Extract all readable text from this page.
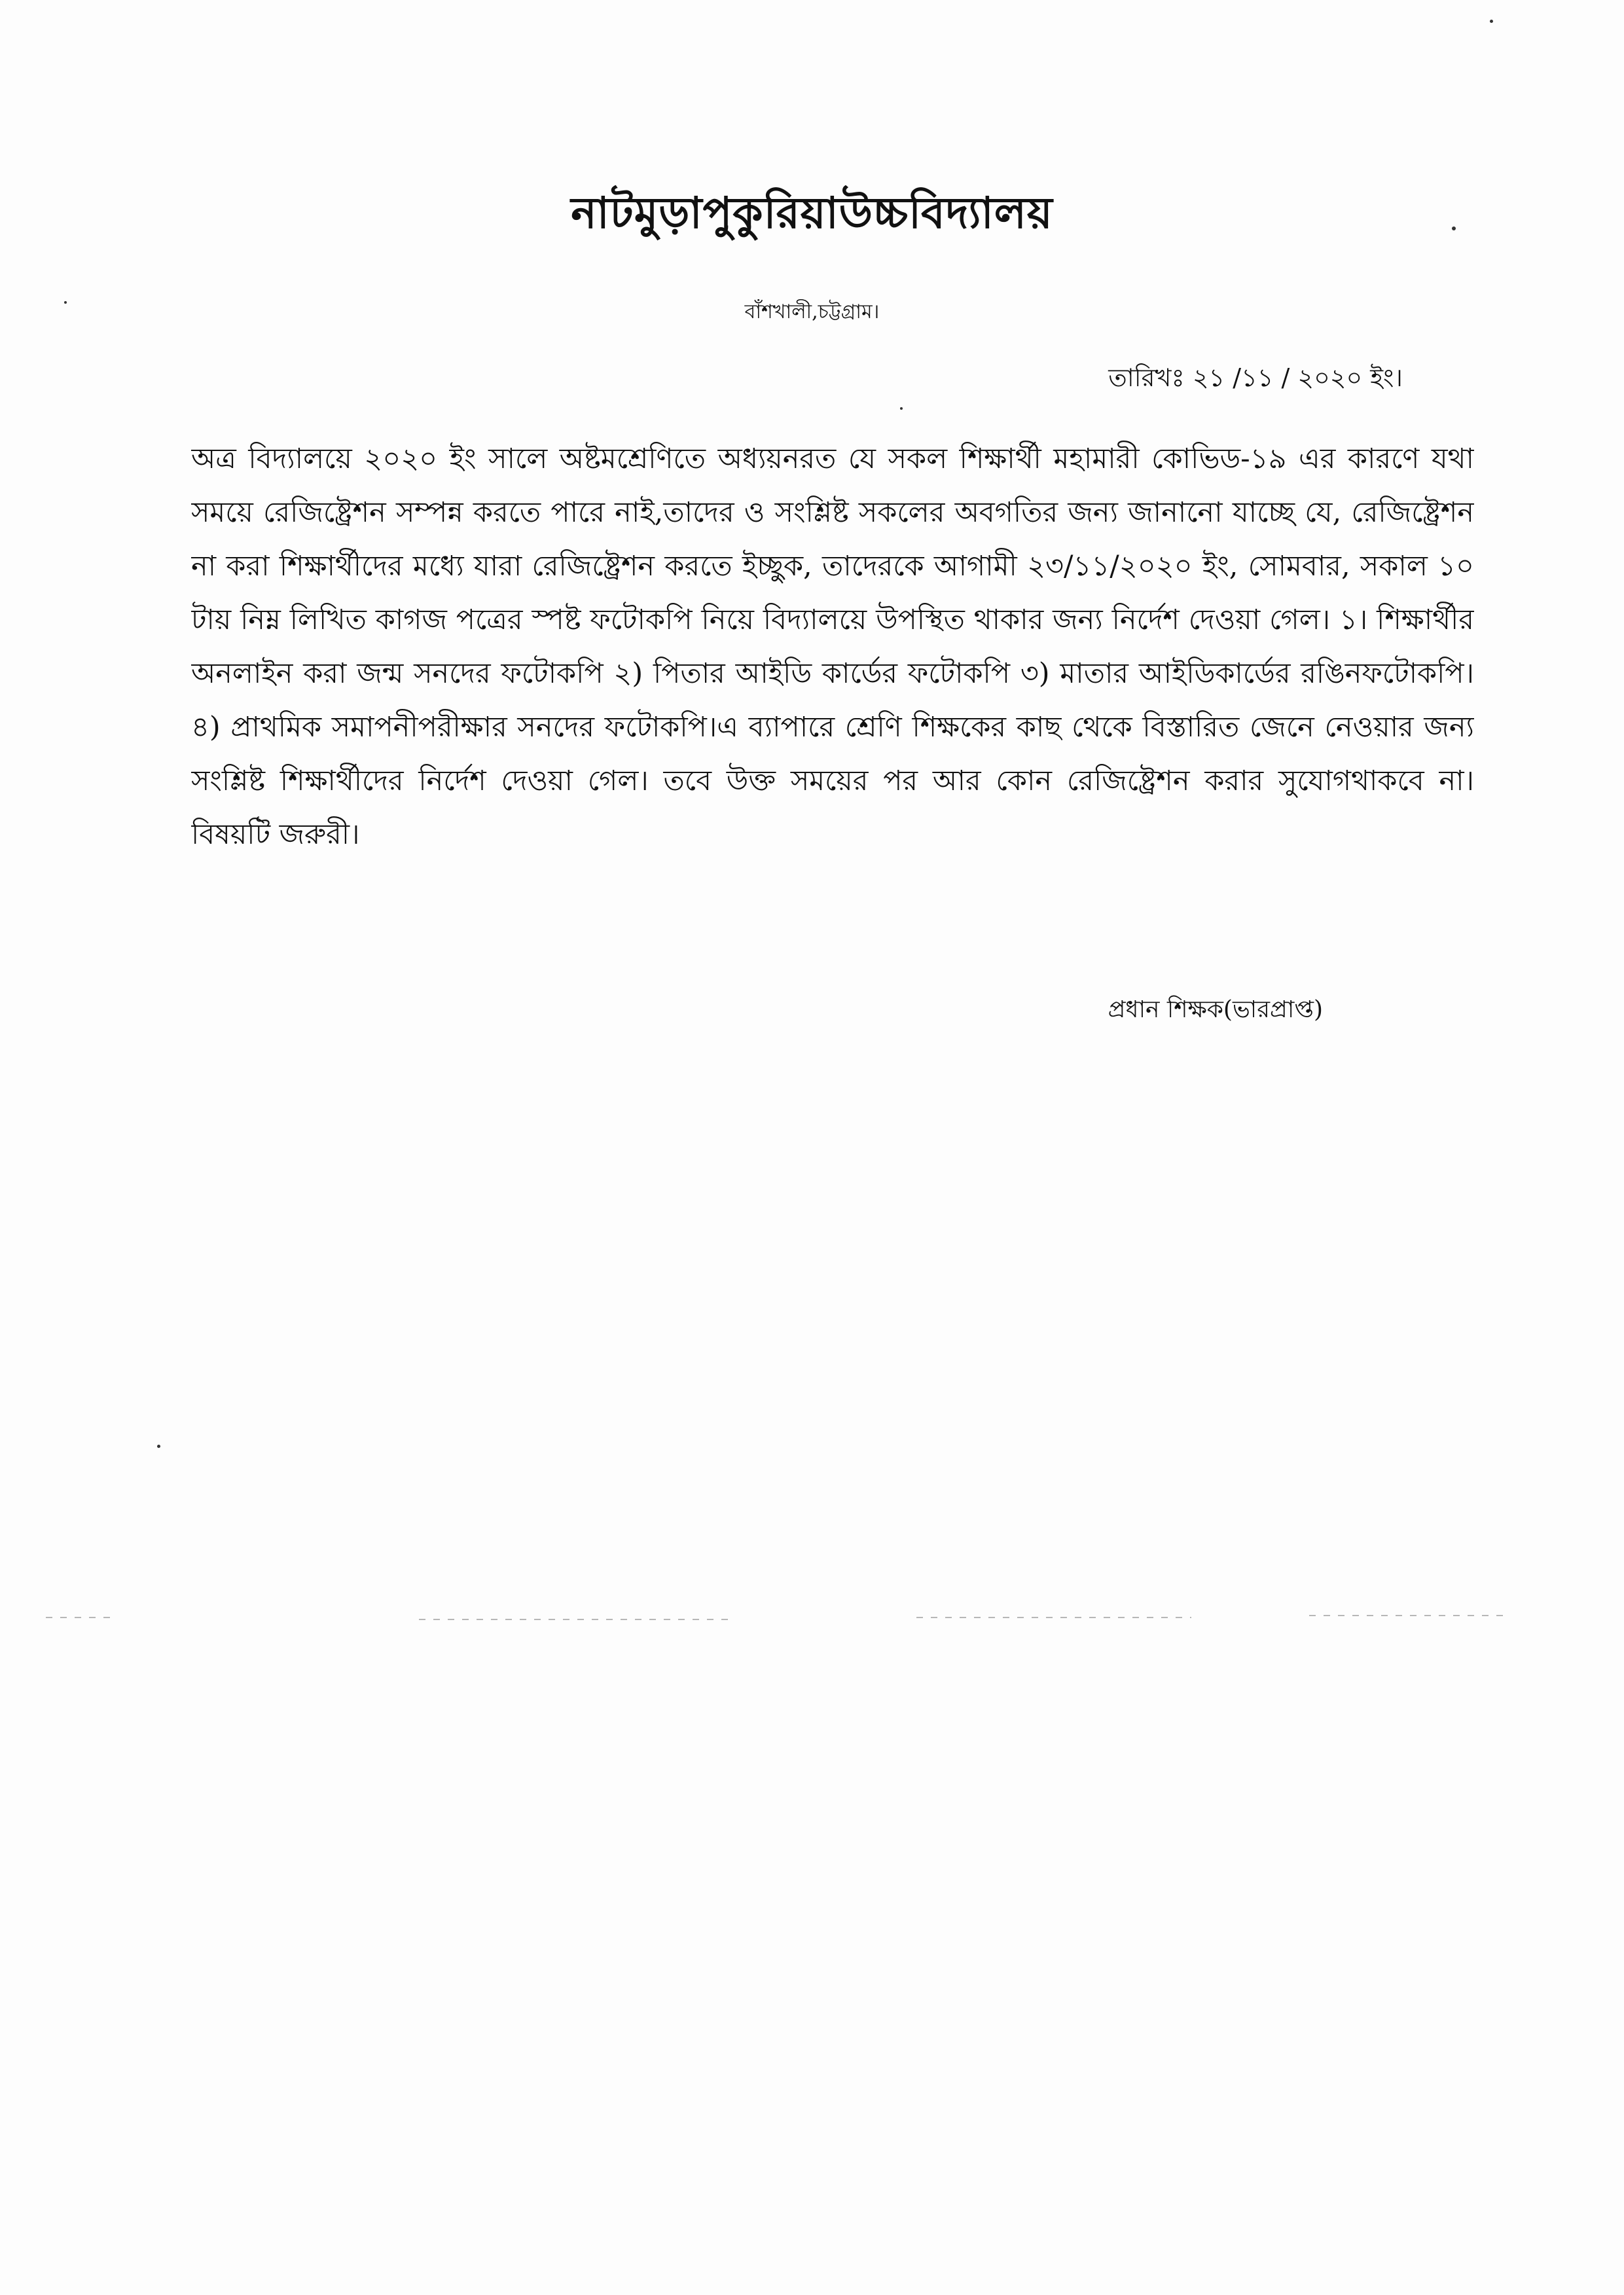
নাটমুড়াপুকুরিয়াউচ্চবিদ্যালয়
বাঁশখালী,চট্টগ্রাম।
তারিখঃ ২১ /১১ / ২০২০ ইং।
অত্র বিদ্যালয়ে ২০২০ ইং সালে অষ্টমশ্রেণিতে অধ্যয়নরত যে সকল শিক্ষার্থী মহামারী কোভিড-১৯ এর কারণে যথা সময়ে রেজিষ্ট্রেশন সম্পন্ন করতে পারে নাই,তাদের ও সংশ্লিষ্ট সকলের অবগতির জন্য জানানো যাচ্ছে যে, রেজিষ্ট্রেশন না করা শিক্ষার্থীদের মধ্যে যারা রেজিষ্ট্রেশন করতে ইচ্ছুক, তাদেরকে আগামী ২৩/১১/২০২০ ইং, সোমবার, সকাল ১০ টায় নিম্ন লিখিত কাগজ পত্রের স্পষ্ট ফটোকপি নিয়ে বিদ্যালয়ে উপস্থিত থাকার জন্য নির্দেশ দেওয়া গেল। ১। শিক্ষার্থীর অনলাইন করা জন্ম সনদের ফটোকপি ২) পিতার আইডি কার্ডের ফটোকপি ৩) মাতার আইডিকার্ডের রঙিনফটোকপি। ৪) প্রাথমিক সমাপনীপরীক্ষার সনদের ফটোকপি।এ ব্যাপারে শ্রেণি শিক্ষকের কাছ থেকে বিস্তারিত জেনে নেওয়ার জন্য সংশ্লিষ্ট শিক্ষার্থীদের নির্দেশ দেওয়া গেল। তবে উক্ত সময়ের পর আর কোন রেজিষ্ট্রেশন করার সুযোগথাকবে না। বিষয়টি জরুরী।
প্রধান শিক্ষক(ভারপ্রাপ্ত)
